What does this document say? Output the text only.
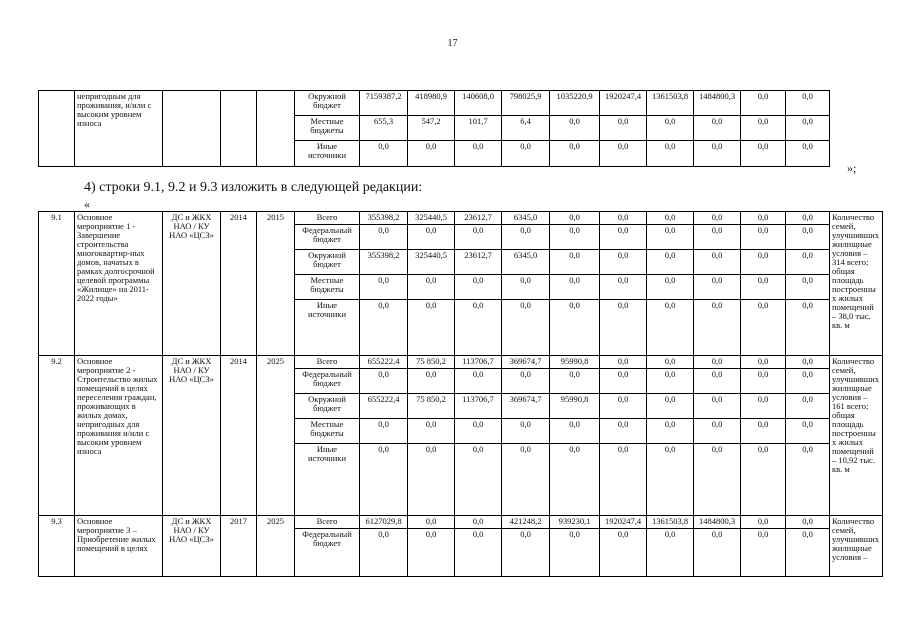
17
	непригодным для проживания, и/или с высоким уровнем износа				Окружной бюджет	7159387,2	418980,9	140608,0	798025,9	1035220,9	1920247,4	1361503,8	1484800,3	0,0	0,0
					Местные бюджеты	655,3	547,2	101,7	6,4	0,0	0,0	0,0	0,0	0,0	0,0
					Иные источники	0,0	0,0	0,0	0,0	0,0	0,0	0,0	0,0	0,0	0,0
»;
4) строки 9.1, 9.2 и 9.3 изложить в следующей редакции:
«
9.1	Основное мероприятие 1 - Завершение строительства многоквартир-ных домов, начатых в рамках долгосрочной целевой программы «Жилище» на 2011-2022 годы»	ДС и ЖКХ НАО / КУ НАО «ЦСЗ»	2014	2015	Всего	355398,2	325440,5	23612,7	6345,0	0,0	0,0	0,0	0,0	0,0	0,0	Количество семей, улучшивших жилищные условия – 314 всего; общая площадь построенных жилых помещений – 38,0 тыс. кв. м
					Федеральный бюджет	0,0	0,0	0,0	0,0	0,0	0,0	0,0	0,0	0,0	0,0	
					Окружной бюджет	355398,2	325440,5	23612,7	6345,0	0,0	0,0	0,0	0,0	0,0	0,0	
					Местные бюджеты	0,0	0,0	0,0	0,0	0,0	0,0	0,0	0,0	0,0	0,0	
					Иные источники	0,0	0,0	0,0	0,0	0,0	0,0	0,0	0,0	0,0	0,0	
9.2	Основное мероприятие 2 - Строительство жилых помещений в целях переселения граждан, проживающих в жилых домах, непригодных для проживания и/или с высоким уровнем износа	ДС и ЖКХ НАО / КУ НАО «ЦСЗ»	2014	2025	Всего	655222,4	75 850,2	113706,7	369674,7	95990,8	0,0	0,0	0,0	0,0	0,0	Количество семей, улучшивших жилищные условия – 161 всего; общая площадь построенных жилых помещений – 10,92 тыс. кв. м
					Федеральный бюджет	0,0	0,0	0,0	0,0	0,0	0,0	0,0	0,0	0,0	0,0	
					Окружной бюджет	655222,4	75 850,2	113706,7	369674,7	95990,8	0,0	0,0	0,0	0,0	0,0	
					Местные бюджеты	0,0	0,0	0,0	0,0	0,0	0,0	0,0	0,0	0,0	0,0	
					Иные источники	0,0	0,0	0,0	0,0	0,0	0,0	0,0	0,0	0,0	0,0	
9.3	Основное мероприятие 3 – Приобретение жилых помещений в целях	ДС и ЖКХ НАО / КУ НАО «ЦСЗ»	2017	2025	Всего	6127029,8	0,0	0,0	421248,2	939230,1	1920247,4	1361503,8	1484800,3	0,0	0,0	Количество семей, улучшивших жилищные условия –
					Федеральный бюджет	0,0	0,0	0,0	0,0	0,0	0,0	0,0	0,0	0,0	0,0	
